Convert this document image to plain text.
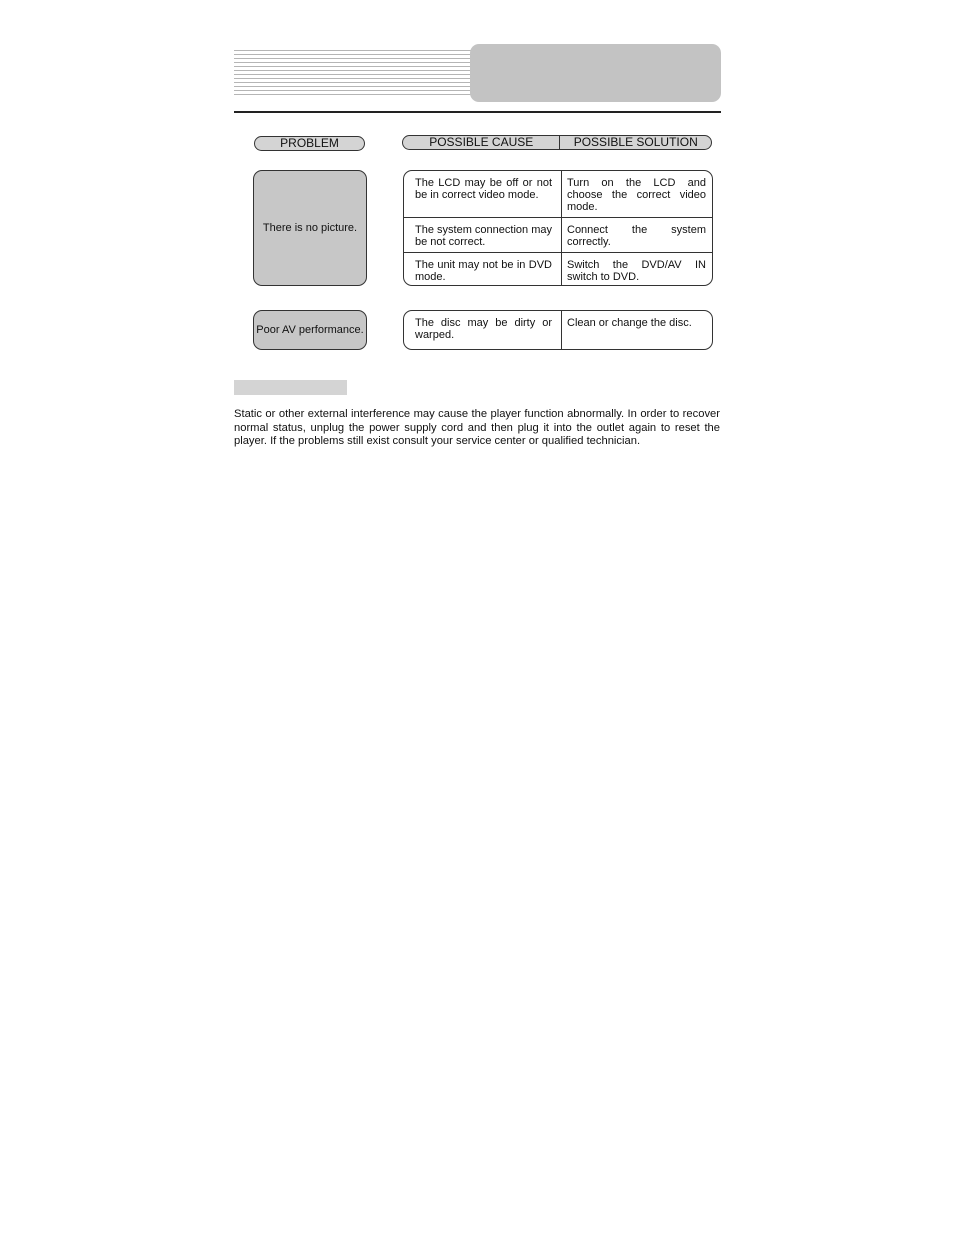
PROBLEM	POSSIBLE CAUSE	POSSIBLE SOLUTION
There is no picture.
The LCD may be off or not be in correct video mode.
Turn on the LCD and choose the correct video mode.
The system connection may be not correct.
Connect the system correctly.
The unit may not be in DVD mode.
Switch the DVD/AV IN switch to DVD.
Poor AV performance.
The disc may be dirty or warped.
Clean or change the disc.

Static or other external interference may cause the player function abnormally. In order to recover normal status, unplug the power supply cord and then plug it into the outlet again to reset the player. If the problems still exist consult your service center or qualified technician.
